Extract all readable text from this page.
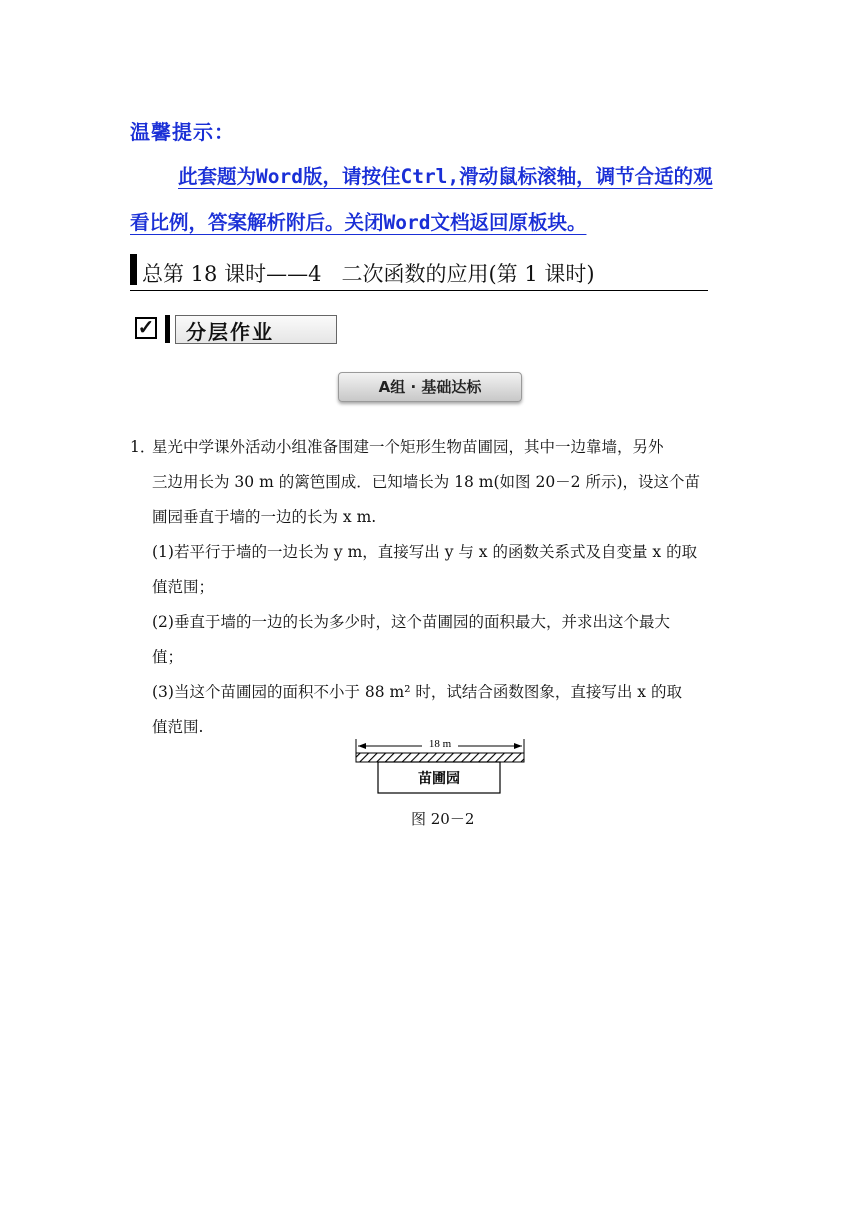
温馨提示：
此套题为Word版，请按住Ctrl,滑动鼠标滚轴，调节合适的观看比例，答案解析附后。关闭Word文档返回原板块。
总第 18 课时——4   二次函数的应用(第 1 课时)
✓ 分层作业
A组 · 基础达标
1．
星光中学课外活动小组准备围建一个矩形生物苗圃园，其中一边靠墙，另外
三边用长为 30 m 的篱笆围成．已知墙长为 18 m(如图 20－2 所示)，设这个苗
圃园垂直于墙的一边的长为 x m.
(1)若平行于墙的一边长为 y m，直接写出 y 与 x 的函数关系式及自变量 x 的取
值范围；
(2)垂直于墙的一边的长为多少时，这个苗圃园的面积最大，并求出这个最大
值；
(3)当这个苗圃园的面积不小于 88 m² 时，试结合函数图象，直接写出 x 的取
值范围.
18 m
苗圃园
图 20－2
